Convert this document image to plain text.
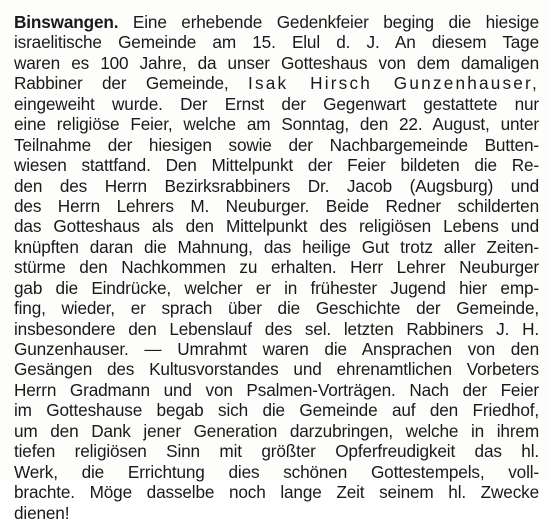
Binswangen. Eine erhebende Gedenkfeier beging die hiesige
israelitische Gemeinde am 15. Elul d. J. An diesem Tage
waren es 100 Jahre, da unser Gotteshaus von dem damaligen
Rabbiner der Gemeinde, Isak Hirsch Gunzenhauser,
eingeweiht wurde. Der Ernst der Gegenwart gestattete nur
eine religiöse Feier, welche am Sonntag, den 22. August, unter
Teilnahme der hiesigen sowie der Nachbargemeinde Butten-
wiesen stattfand. Den Mittelpunkt der Feier bildeten die Re-
den des Herrn Bezirksrabbiners Dr. Jacob (Augsburg) und
des Herrn Lehrers M. Neuburger. Beide Redner schilderten
das Gotteshaus als den Mittelpunkt des religiösen Lebens und
knüpften daran die Mahnung, das heilige Gut trotz aller Zeiten-
stürme den Nachkommen zu erhalten. Herr Lehrer Neuburger
gab die Eindrücke, welcher er in frühester Jugend hier emp-
fing, wieder, er sprach über die Geschichte der Gemeinde,
insbesondere den Lebenslauf des sel. letzten Rabbiners J. H.
Gunzenhauser. — Umrahmt waren die Ansprachen von den
Gesängen des Kultusvorstandes und ehrenamtlichen Vorbeters
Herrn Gradmann und von Psalmen-Vorträgen. Nach der Feier
im Gotteshause begab sich die Gemeinde auf den Friedhof,
um den Dank jener Generation darzubringen, welche in ihrem
tiefen religiösen Sinn mit größter Opferfreudigkeit das hl.
Werk, die Errichtung dies schönen Gottestempels, voll-
brachte. Möge dasselbe noch lange Zeit seinem hl. Zwecke
dienen!
